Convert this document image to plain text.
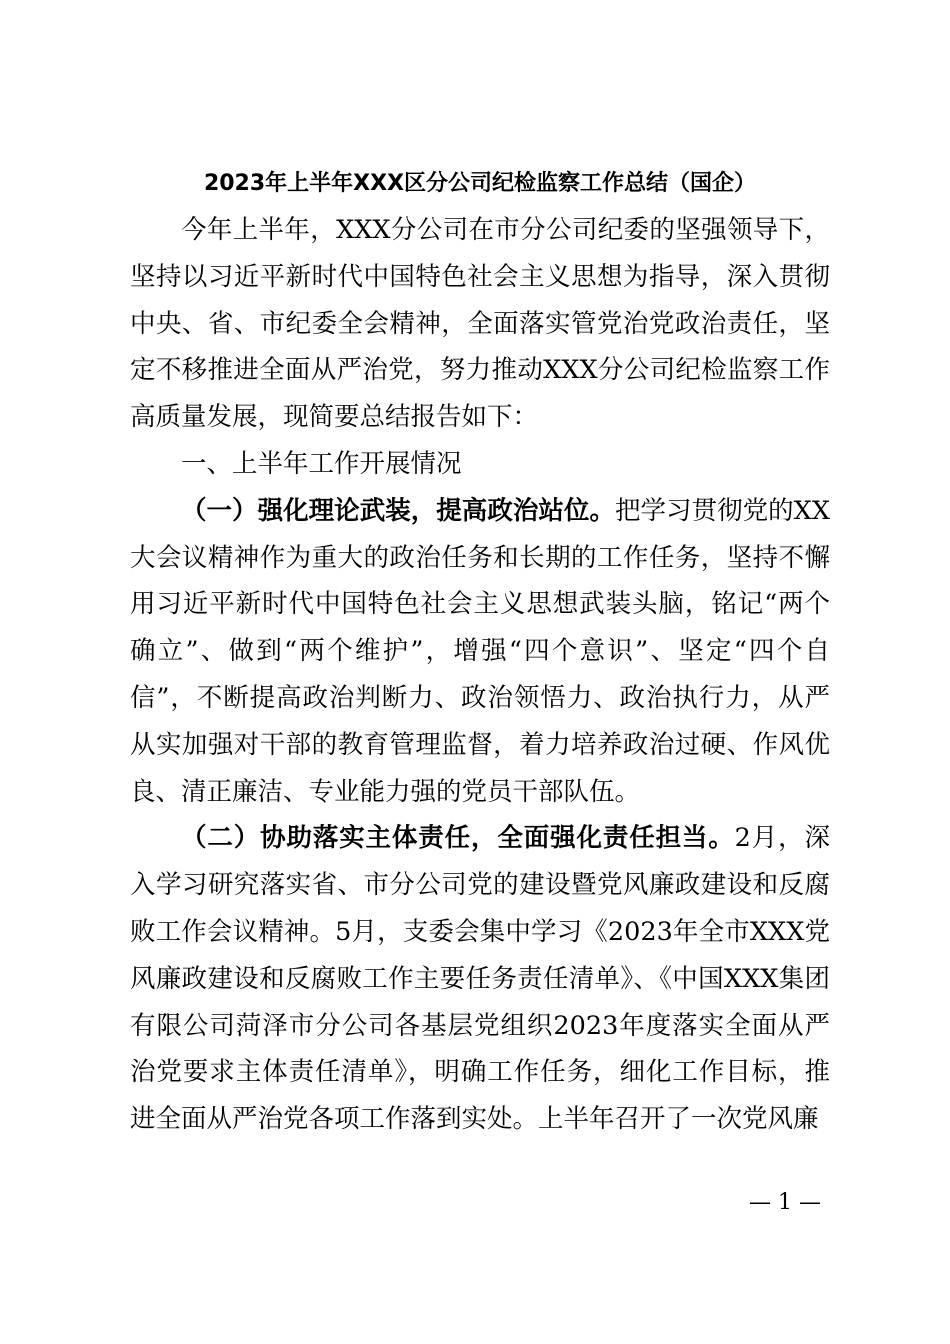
2023年上半年XXX区分公司纪检监察工作总结（国企）

今年上半年，XXX分公司在市分公司纪委的坚强领导下，坚持以习近平新时代中国特色社会主义思想为指导，深入贯彻中央、省、市纪委全会精神，全面落实管党治党政治责任，坚定不移推进全面从严治党，努力推动XXX分公司纪检监察工作高质量发展，现简要总结报告如下：

一、上半年工作开展情况

（一）强化理论武装，提高政治站位。把学习贯彻党的XX大会议精神作为重大的政治任务和长期的工作任务，坚持不懈用习近平新时代中国特色社会主义思想武装头脑，铭记“两个确立”、做到“两个维护”，增强“四个意识”、坚定“四个自信”，不断提高政治判断力、政治领悟力、政治执行力，从严从实加强对干部的教育管理监督，着力培养政治过硬、作风优良、清正廉洁、专业能力强的党员干部队伍。

（二）协助落实主体责任，全面强化责任担当。2月，深入学习研究落实省、市分公司党的建设暨党风廉政建设和反腐败工作会议精神。5月，支委会集中学习《2023年全市XXX党风廉政建设和反腐败工作主要任务责任清单》、《中国XXX集团有限公司菏泽市分公司各基层党组织2023年度落实全面从严治党要求主体责任清单》，明确工作任务，细化工作目标，推进全面从严治党各项工作落到实处。上半年召开了一次党风廉

— 1 —
